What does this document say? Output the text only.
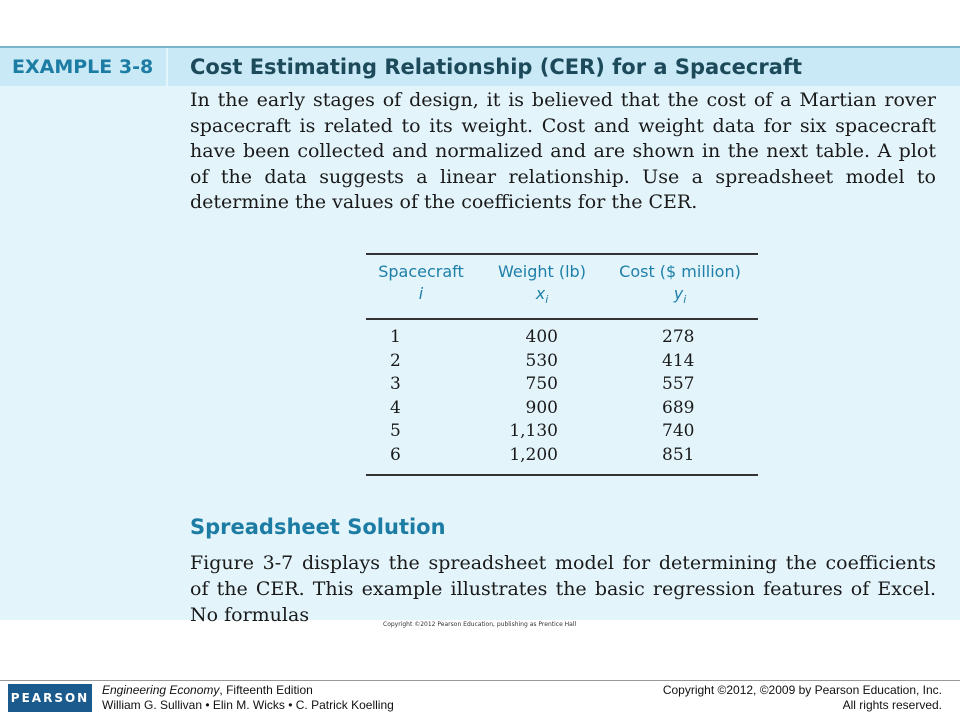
EXAMPLE 3-8	Cost Estimating Relationship (CER) for a Spacecraft

In the early stages of design, it is believed that the cost of a Martian rover spacecraft is related to its weight. Cost and weight data for six spacecraft have been collected and normalized and are shown in the next table. A plot of the data suggests a linear relationship. Use a spreadsheet model to determine the values of the coefficients for the CER.

Spacecraft
i
Weight (lb)
$x_i$
Cost ($ million)
$y_i$
1
2
3
4
5
6
400
530
750
900
1,130
1,200
278
414
557
689
740
851
Spreadsheet Solution

Figure 3-7 displays the spreadsheet model for determining the coefficients of the CER. This example illustrates the basic regression features of Excel. No formulas	Copyright ©2012 Pearson Education, publishing as Prentice Hall
PEARSON
Engineering Economy, Fifteenth Edition
William G. Sullivan • Elin M. Wicks • C. Patrick Koelling
Copyright ©2012, ©2009 by Pearson Education, Inc.
All rights reserved.
